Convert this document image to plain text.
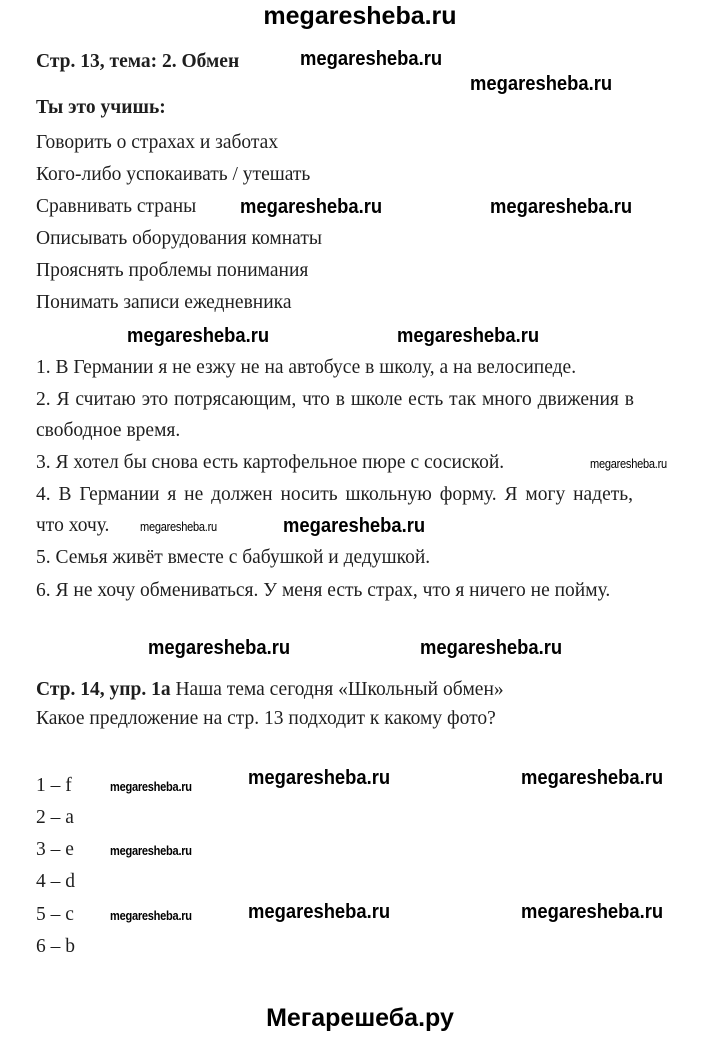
megaresheba.ru
Стр. 13, тема: 2. Обмен
Ты это учишь:
Говорить о страхах и заботах
Кого-либо успокаивать / утешать
Сравнивать страны
Описывать оборудования комнаты
Прояснять проблемы понимания
Понимать записи ежедневника
1. В Германии я не езжу не на автобусе в школу, а на велосипеде.
2. Я считаю это потрясающим, что в школе есть так много движения в
свободное время.
3. Я хотел бы снова есть картофельное пюре с сосиской.
4. В Германии я не должен носить школьную форму. Я могу надеть,
что хочу.
5. Семья живёт вместе с бабушкой и дедушкой.
6. Я не хочу обмениваться. У меня есть страх, что я ничего не пойму.
Стр. 14, упр. 1a Наша тема сегодня «Школьный обмен»
Какое предложение на стр. 13 подходит к какому фото?
1 – f
2 – a
3 – e
4 – d
5 – c
6 – b
megaresheba.ru
megaresheba.ru
megaresheba.ru	megaresheba.ru
megaresheba.ru	megaresheba.ru
megaresheba.ru
megaresheba.ru	megaresheba.ru
megaresheba.ru	megaresheba.ru
megaresheba.ru	megaresheba.ru
megaresheba.ru	megaresheba.ru
megaresheba.ru
megaresheba.ru
megaresheba.ru
Мегарешеба.ру
